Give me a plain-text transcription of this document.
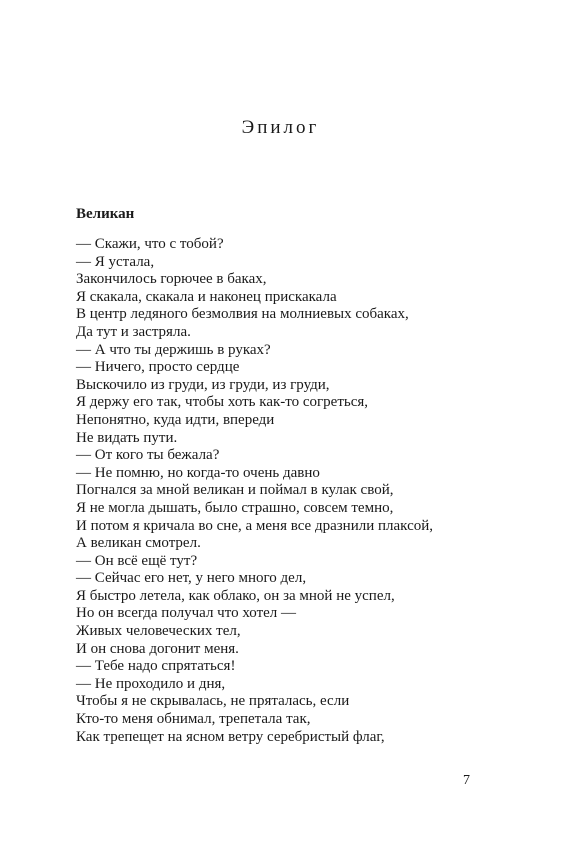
Эпилог
Великан
— Скажи, что с тобой?
— Я устала,
Закончилось горючее в баках,
Я скакала, скакала и наконец прискакала
В центр ледяного безмолвия на молниевых собаках,
Да тут и застряла.
— А что ты держишь в руках?
— Ничего, просто сердце
Выскочило из груди, из груди, из груди,
Я держу его так, чтобы хоть как-то согреться,
Непонятно, куда идти, впереди
Не видать пути.
— От кого ты бежала?
— Не помню, но когда-то очень давно
Погнался за мной великан и поймал в кулак свой,
Я не могла дышать, было страшно, совсем темно,
И потом я кричала во сне, а меня все дразнили плаксой,
А великан смотрел.
— Он всё ещё тут?
— Сейчас его нет, у него много дел,
Я быстро летела, как облако, он за мной не успел,
Но он всегда получал что хотел —
Живых человеческих тел,
И он снова догонит меня.
— Тебе надо спрятаться!
— Не проходило и дня,
Чтобы я не скрывалась, не пряталась, если
Кто-то меня обнимал, трепетала так,
Как трепещет на ясном ветру серебристый флаг,
7
